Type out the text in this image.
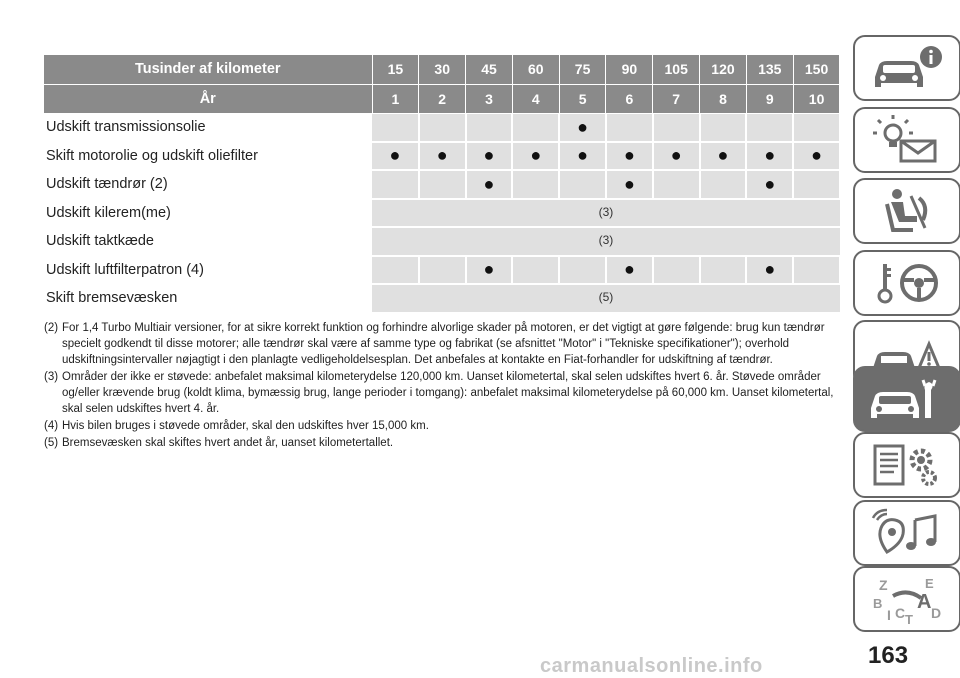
Tusinder af kilometer	15	30	45	60	75	90	105	120	135	150
År	1	2	3	4	5	6	7	8	9	10
Udskift transmissionsolie					●					
Skift motorolie og udskift oliefilter	●	●	●	●	●	●	●	●	●	●
Udskift tændrør (2)			●			●			●	
Udskift kilerem(me)	(3)									
Udskift taktkæde	(3)									
Udskift luftfilterpatron (4)			●			●			●	
Skift bremsevæsken	(5)									
(2) For 1,4 Turbo Multiair versioner, for at sikre korrekt funktion og forhindre alvorlige skader på motoren, er det vigtigt at gøre følgende: brug kun tændrør specielt godkendt til disse motorer; alle tændrør skal være af samme type og fabrikat (se afsnittet "Motor" i "Tekniske specifikationer"); overhold udskiftningsintervaller nøjagtigt i den planlagte vedligeholdelsesplan. Det anbefales at kontakte en Fiat-forhandler for udskiftning af tændrør.
(3) Områder der ikke er støvede: anbefalet maksimal kilometerydelse 120,000 km. Uanset kilometertal, skal selen udskiftes hvert 6. år. Støvede områder og/eller krævende brug (koldt klima, bymæssig brug, lange perioder i tomgang): anbefalet maksimal kilometerydelse på 60,000 km. Uanset kilometertal, skal selen udskiftes hvert 4. år.
(4) Hvis bilen bruges i støvede områder, skal den udskiftes hver 15,000 km.
(5) Bremsevæsken skal skiftes hvert andet år, uanset kilometertallet.
Z	E
B A
C D
T
I
163
carmanualsonline.info
